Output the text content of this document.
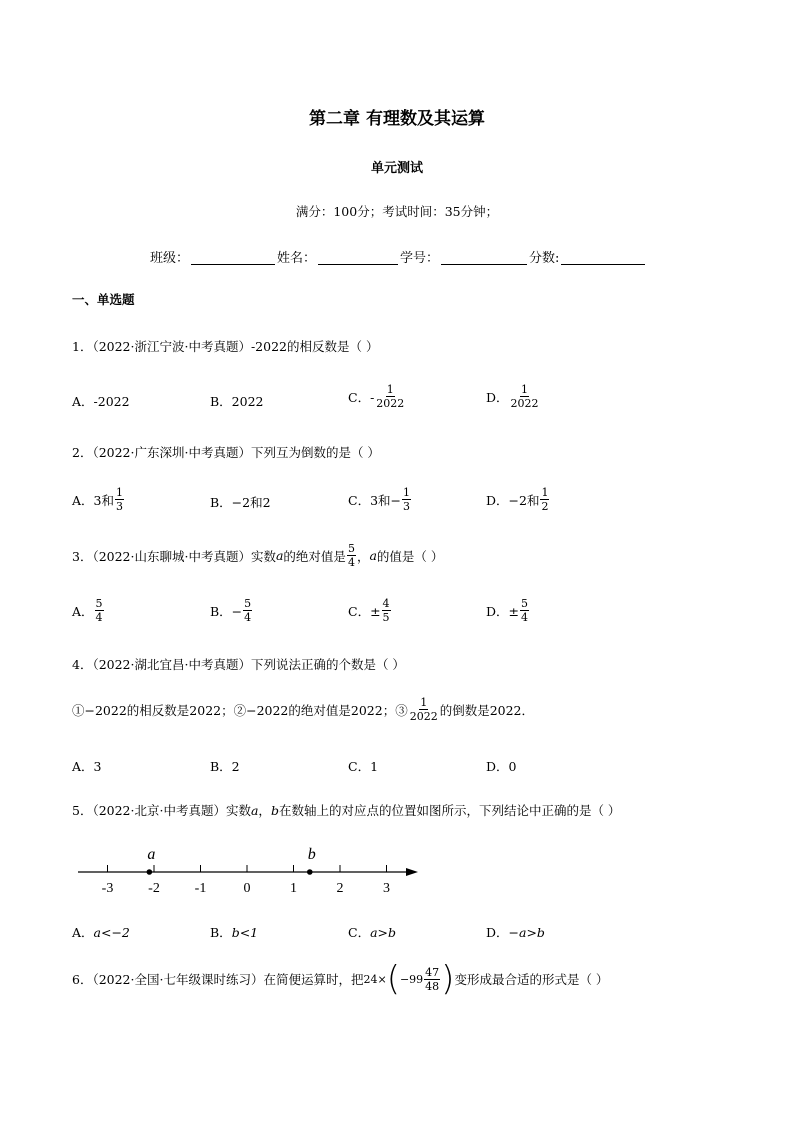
第二章 有理数及其运算
单元测试
满分：100分；考试时间：35分钟；
班级：	姓名：	学号：	分数:
一、单选题
1．（2022·浙江宁波·中考真题）-2022的相反数是（ ）
A．-2022	B．2022	C．- $\frac{1}{2022}$	D． $\frac{1}{2022}$
2．（2022·广东深圳·中考真题）下列互为倒数的是（ ）
A．3和 $\frac{1}{3}$	B．−2和2	C．3和− $\frac{1}{3}$	D．−2和 $\frac{1}{2}$
3．（2022·山东聊城·中考真题）实数 a 的绝对值是 $\frac{5}{4}$ ， a 的值是（ ）
A． $\frac{5}{4}$	B．− $\frac{5}{4}$	C．± $\frac{4}{5}$	D．± $\frac{5}{4}$
4．（2022·湖北宜昌·中考真题）下列说法正确的个数是（ ）
①−2022的相反数是2022；②−2022的绝对值是2022；③ $\frac{1}{2022}$ 的倒数是2022．
A．3	B．2	C．1	D．0
5．（2022·北京·中考真题）实数a，b在数轴上的对应点的位置如图所示，下列结论中正确的是（ ）
-3 -2 -1	0	1	2	3
a	b
A． a<−2	B． b<1	C． a>b	D． −a>b
6．（2022·全国·七年级课时练习）在简便运算时，把 24× ( $-99 \frac{47}{48}$ ) 变形成最合适的形式是（ ）
